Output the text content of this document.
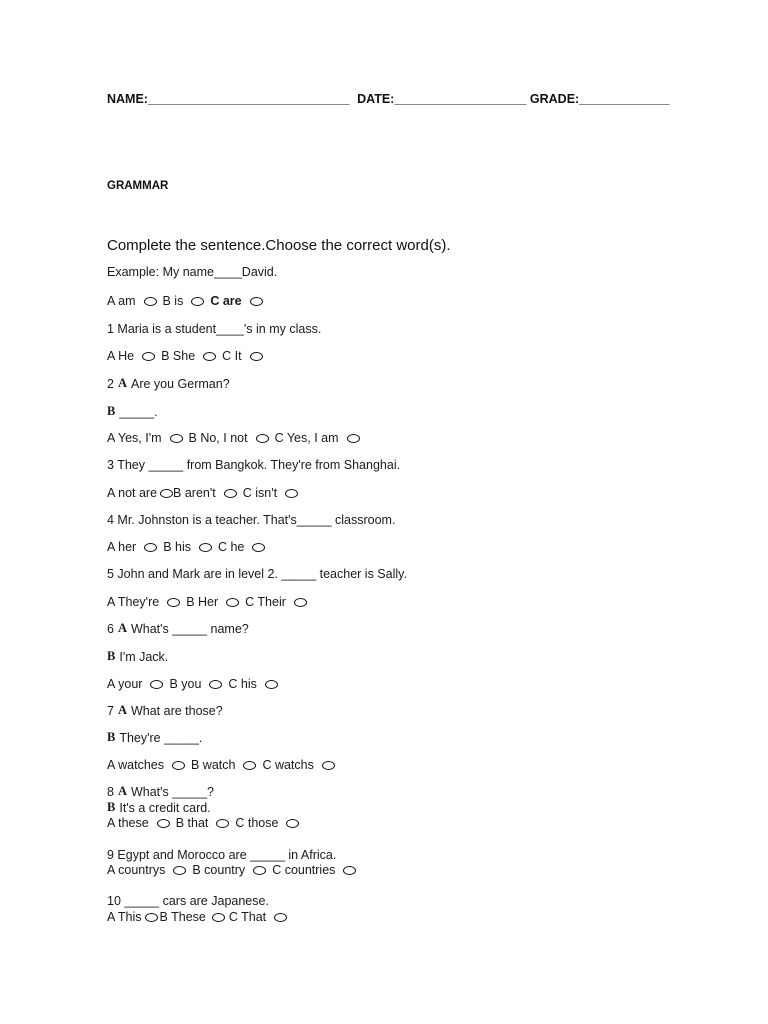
NAME:_____________________________ DATE:___________________ GRADE:_____________
GRAMMAR
Complete the sentence.Choose the correct word(s).
Example: My name____David.
A am B is C are
1 Maria is a student____'s in my class.
A He B She C It
2 A Are you German?
B _____.
A Yes, I'm B No, I not C Yes, I am
3 They _____ from Bangkok. They're from Shanghai.
A not are B aren't C isn't
4 Mr. Johnston is a teacher. That's_____ classroom.
A her B his C he
5 John and Mark are in level 2. _____ teacher is Sally.
A They're B Her C Their
6 A What's _____ name?
B I'm Jack.
A your B you C his
7 A What are those?
B They're _____.
A watches B watch C watchs
8 A What's _____?
B It's a credit card.
A these B that C those
9 Egypt and Morocco are _____ in Africa.
A countrys B country C countries
10 _____ cars are Japanese.
A This B These C That
